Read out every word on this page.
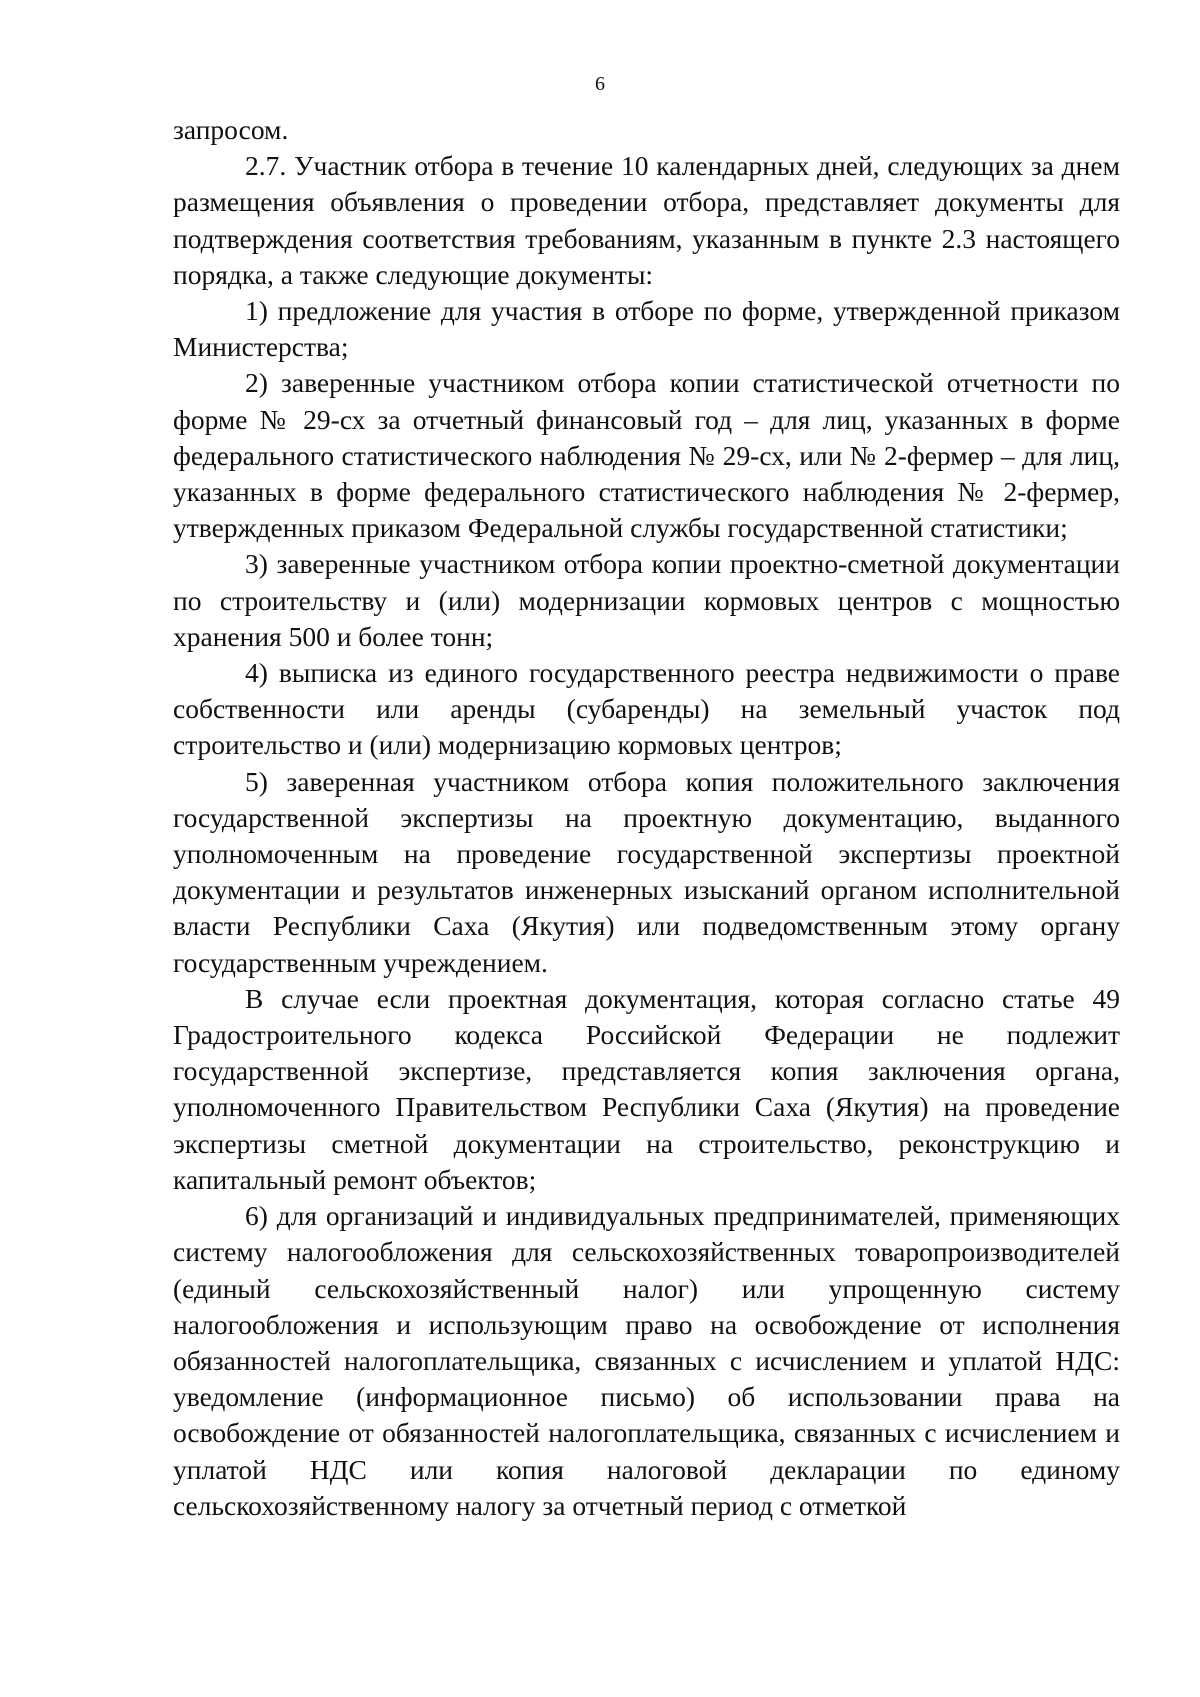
6

запросом.

2.7. Участник отбора в течение 10 календарных дней, следующих за днем размещения объявления о проведении отбора, представляет документы для подтверждения соответствия требованиям, указанным в пункте 2.3 настоящего порядка, а также следующие документы:

1) предложение для участия в отборе по форме, утвержденной приказом Министерства;

2) заверенные участником отбора копии статистической отчетности по форме № 29-сх за отчетный финансовый год – для лиц, указанных в форме федерального статистического наблюдения № 29-сх, или № 2-фермер – для лиц, указанных в форме федерального статистического наблюдения № 2-фермер, утвержденных приказом Федеральной службы государственной статистики;

3) заверенные участником отбора копии проектно-сметной документации по строительству и (или) модернизации кормовых центров с мощностью хранения 500 и более тонн;

4) выписка из единого государственного реестра недвижимости о праве собственности или аренды (субаренды) на земельный участок под строительство и (или) модернизацию кормовых центров;

5) заверенная участником отбора копия положительного заключения государственной экспертизы на проектную документацию, выданного уполномоченным на проведение государственной экспертизы проектной документации и результатов инженерных изысканий органом исполнительной власти Республики Саха (Якутия) или подведомственным этому органу государственным учреждением.

В случае если проектная документация, которая согласно статье 49 Градостроительного кодекса Российской Федерации не подлежит государственной экспертизе, представляется копия заключения органа, уполномоченного Правительством Республики Саха (Якутия) на проведение экспертизы сметной документации на строительство, реконструкцию и капитальный ремонт объектов;

6) для организаций и индивидуальных предпринимателей, применяющих систему налогообложения для сельскохозяйственных товаропроизводителей (единый сельскохозяйственный налог) или упрощенную систему налогообложения и использующим право на освобождение от исполнения обязанностей налогоплательщика, связанных с исчислением и уплатой НДС: уведомление (информационное письмо) об использовании права на освобождение от обязанностей налогоплательщика, связанных с исчислением и уплатой НДС или копия налоговой декларации по единому сельскохозяйственному налогу за отчетный период с отметкой
